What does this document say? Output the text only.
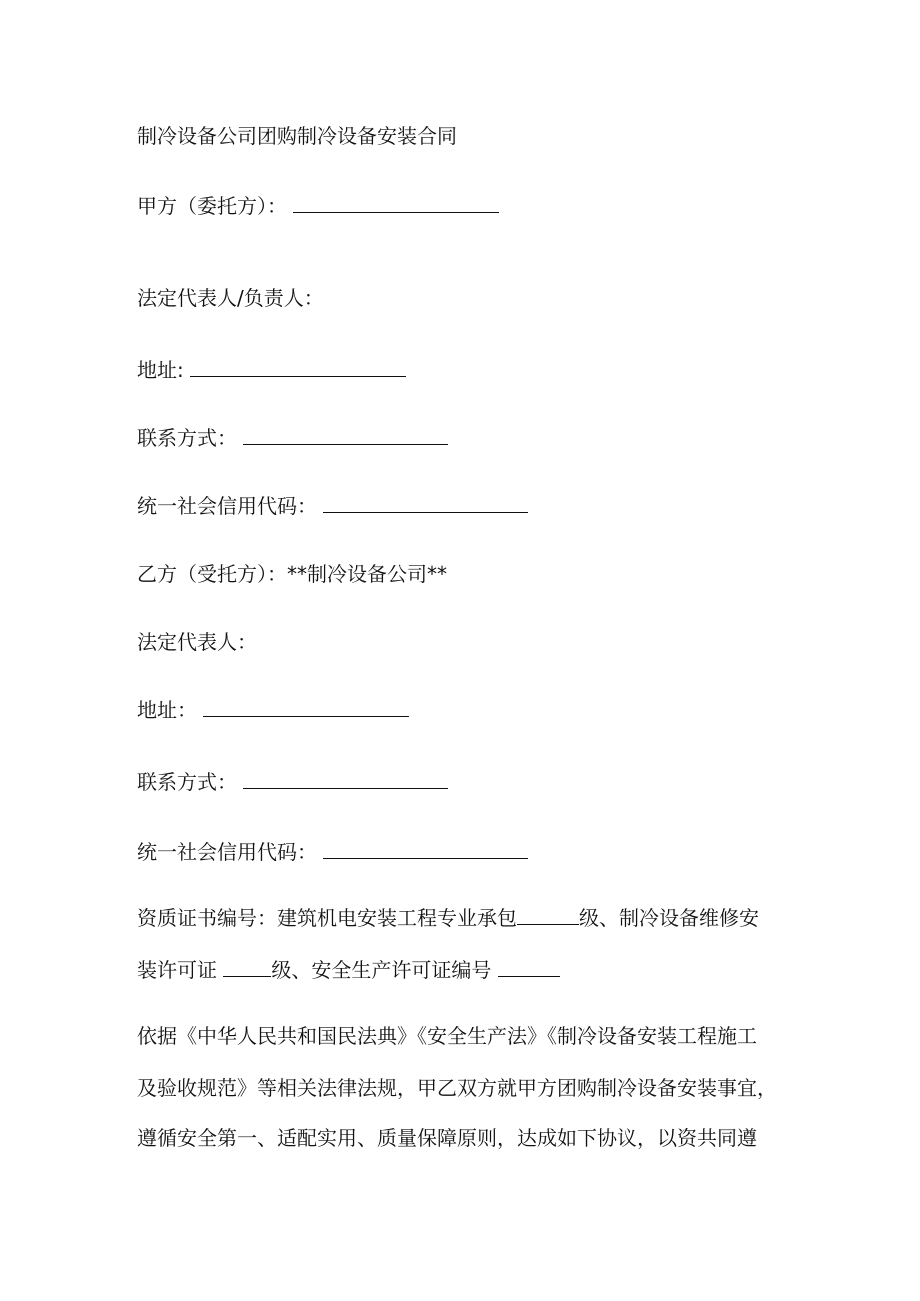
制冷设备公司团购制冷设备安装合同

甲方（委托方）：

法定代表人/负责人：

地址:

联系方式：

统一社会信用代码：

乙方（受托方）：**制冷设备公司**

法定代表人：

地址：

联系方式：

统一社会信用代码：

资质证书编号：建筑机电安装工程专业承包	级、制冷设备维修安

装许可证	级、安全生产许可证编号

依据《中华人民共和国民法典》《安全生产法》《制冷设备安装工程施工

及验收规范》等相关法律法规，甲乙双方就甲方团购制冷设备安装事宜，

遵循安全第一、适配实用、质量保障原则，达成如下协议，以资共同遵
